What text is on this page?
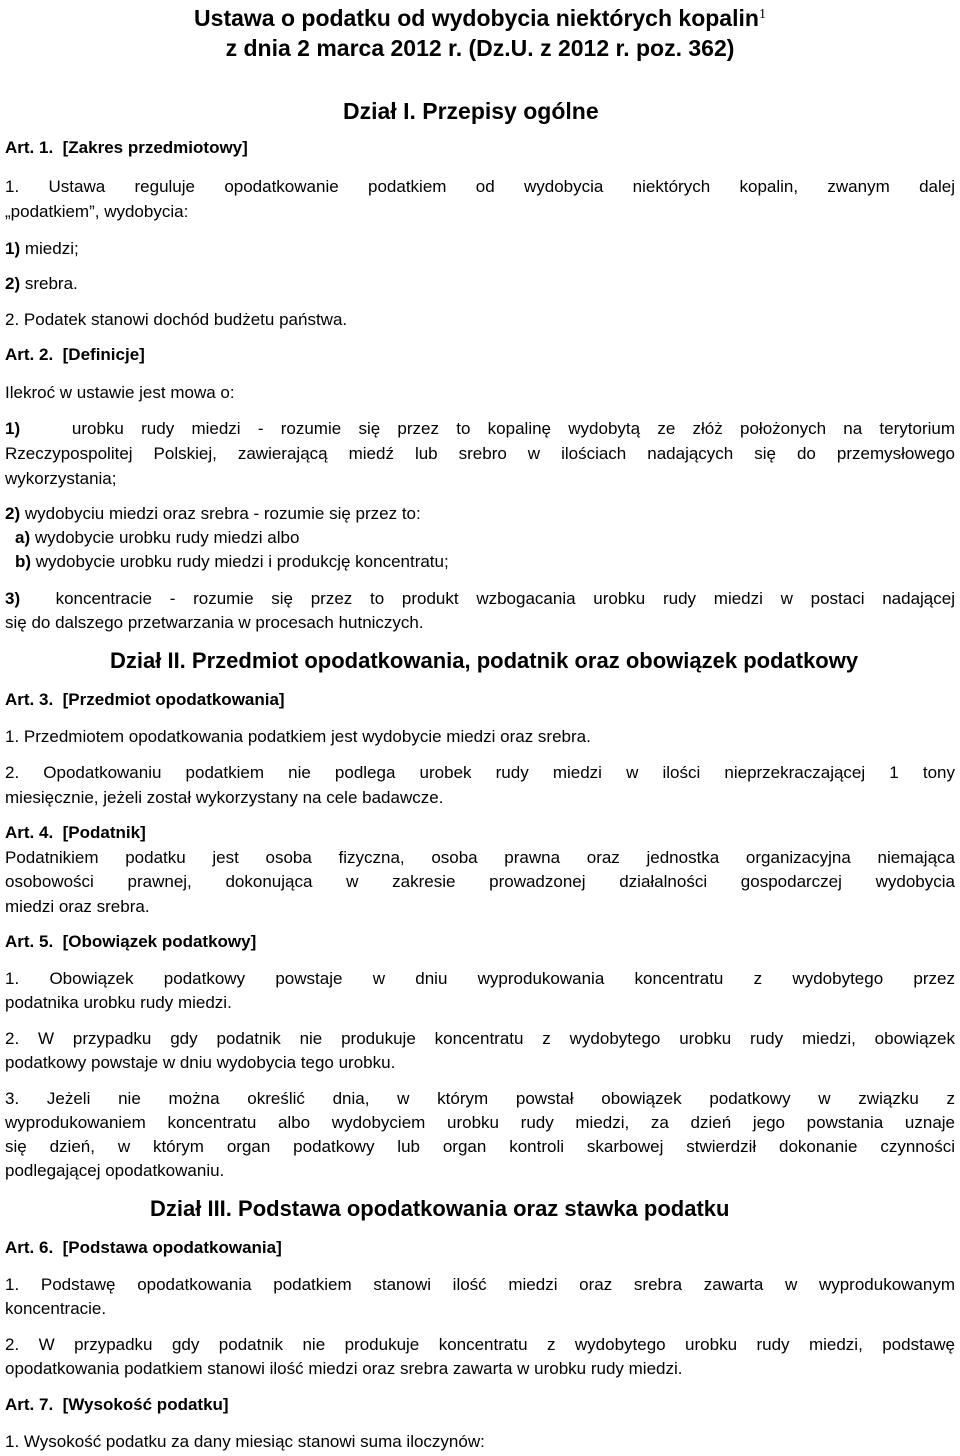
Ustawa o podatku od wydobycia niektórych kopalin$^1$
z dnia 2 marca 2012 r. (Dz.U. z 2012 r. poz. 362)
Dział I. Przepisy ogólne
Art. 1. [Zakres przedmiotowy]
1. Ustawa reguluje opodatkowanie podatkiem od wydobycia niektórych kopalin, zwanym dalej
„podatkiem”, wydobycia:
1) miedzi;
2) srebra.
2. Podatek stanowi dochód budżetu państwa.
Art. 2. [Definicje]
Ilekroć w ustawie jest mowa o:
1)	urobku rudy miedzi - rozumie się przez to kopalinę wydobytą ze złóż położonych na terytorium
Rzeczypospolitej Polskiej, zawierającą miedź lub srebro w ilościach nadających się do przemysłowego
wykorzystania;
2) wydobyciu miedzi oraz srebra - rozumie się przez to:
a) wydobycie urobku rudy miedzi albo
b) wydobycie urobku rudy miedzi i produkcję koncentratu;
3) koncentracie - rozumie się przez to produkt wzbogacania urobku rudy miedzi w postaci nadającej
się do dalszego przetwarzania w procesach hutniczych.
Dział II. Przedmiot opodatkowania, podatnik oraz obowiązek podatkowy
Art. 3. [Przedmiot opodatkowania]
1. Przedmiotem opodatkowania podatkiem jest wydobycie miedzi oraz srebra.
2. Opodatkowaniu podatkiem nie podlega urobek rudy miedzi w ilości nieprzekraczającej 1 tony
miesięcznie, jeżeli został wykorzystany na cele badawcze.
Art. 4. [Podatnik]
Podatnikiem podatku jest osoba fizyczna, osoba prawna oraz jednostka organizacyjna niemająca
osobowości prawnej, dokonująca w zakresie prowadzonej działalności gospodarczej wydobycia
miedzi oraz srebra.
Art. 5. [Obowiązek podatkowy]
1. Obowiązek podatkowy powstaje w dniu wyprodukowania koncentratu z wydobytego przez
podatnika urobku rudy miedzi.
2. W przypadku gdy podatnik nie produkuje koncentratu z wydobytego urobku rudy miedzi, obowiązek
podatkowy powstaje w dniu wydobycia tego urobku.
3. Jeżeli nie można określić dnia, w którym powstał obowiązek podatkowy w związku z
wyprodukowaniem koncentratu albo wydobyciem urobku rudy miedzi, za dzień jego powstania uznaje
się dzień, w którym organ podatkowy lub organ kontroli skarbowej stwierdził dokonanie czynności
podlegającej opodatkowaniu.
Dział III. Podstawa opodatkowania oraz stawka podatku
Art. 6. [Podstawa opodatkowania]
1. Podstawę opodatkowania podatkiem stanowi ilość miedzi oraz srebra zawarta w wyprodukowanym
koncentracie.
2. W przypadku gdy podatnik nie produkuje koncentratu z wydobytego urobku rudy miedzi, podstawę
opodatkowania podatkiem stanowi ilość miedzi oraz srebra zawarta w urobku rudy miedzi.
Art. 7. [Wysokość podatku]
1. Wysokość podatku za dany miesiąc stanowi suma iloczynów:
